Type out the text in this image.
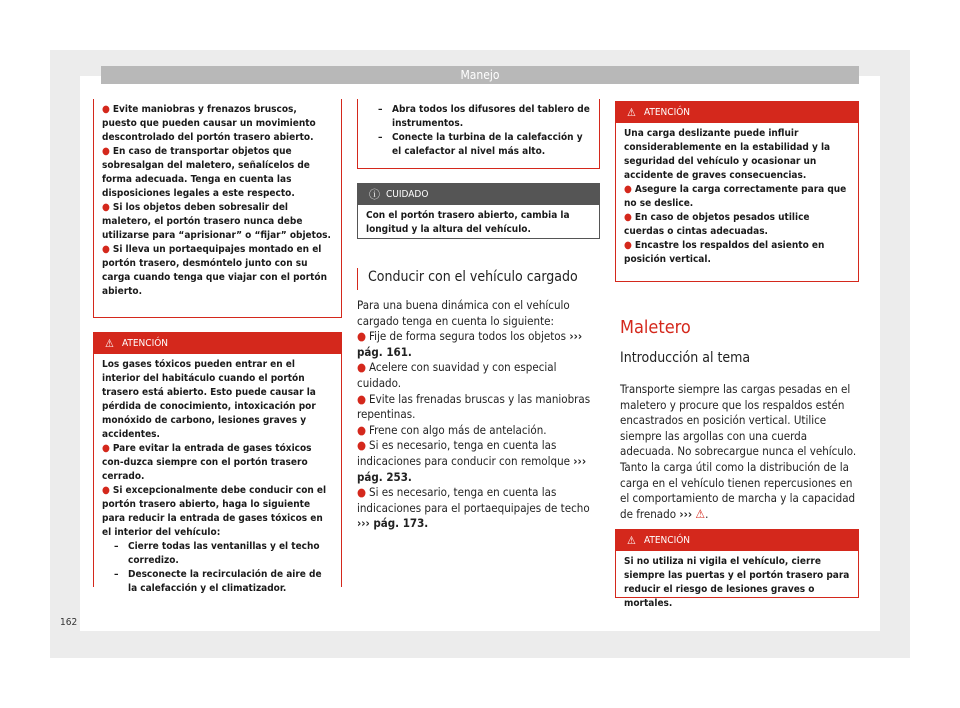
Manejo

● Evite maniobras y frenazos bruscos, puesto que pueden causar un movimiento descontrolado del portón trasero abierto.

● En caso de transportar objetos que sobresalgan del maletero, señalícelos de forma adecuada. Tenga en cuenta las disposiciones legales a este respecto.

● Si los objetos deben sobresalir del maletero, el portón trasero nunca debe utilizarse para “aprisionar” o “fijar” objetos.

● Si lleva un portaequipajes montado en el portón trasero, desmóntelo junto con su carga cuando tenga que viajar con el portón abierto.

⚠ ATENCIÓN

Los gases tóxicos pueden entrar en el interior del habitáculo cuando el portón trasero está abierto. Esto puede causar la pérdida de conocimiento, intoxicación por monóxido de carbono, lesiones graves y accidentes.

● Pare evitar la entrada de gases tóxicos con-duzca siempre con el portón trasero cerrado.

● Si excepcionalmente debe conducir con el portón trasero abierto, haga lo siguiente para reducir la entrada de gases tóxicos en el interior del vehículo:

– Cierre todas las ventanillas y el techo corredizo.
– Desconecte la recirculación de aire de la calefacción y el climatizador.
– Abra todos los difusores del tablero de instrumentos.
– Conecte la turbina de la calefacción y el calefactor al nivel más alto.
ⓘ CUIDADO

Con el portón trasero abierto, cambia la longitud y la altura del vehículo.

Conducir con el vehículo cargado

Para una buena dinámica con el vehículo cargado tenga en cuenta lo siguiente:

● Fije de forma segura todos los objetos ››› pág. 161.

● Acelere con suavidad y con especial cuidado.

● Evite las frenadas bruscas y las maniobras repentinas.

● Frene con algo más de antelación.

● Si es necesario, tenga en cuenta las indicaciones para conducir con remolque ››› pág. 253.

● Si es necesario, tenga en cuenta las indicaciones para el portaequipajes de techo ››› pág. 173.

⚠ ATENCIÓN

Una carga deslizante puede influir considerablemente en la estabilidad y la seguridad del vehículo y ocasionar un accidente de graves consecuencias.

● Asegure la carga correctamente para que no se deslice.

● En caso de objetos pesados utilice cuerdas o cintas adecuadas.

● Encastre los respaldos del asiento en posición vertical.

Maletero
Introducción al tema

Transporte siempre las cargas pesadas en el maletero y procure que los respaldos estén encastrados en posición vertical. Utilice siempre las argollas con una cuerda adecuada. No sobrecargue nunca el vehículo. Tanto la carga útil como la distribución de la carga en el vehículo tienen repercusiones en el comportamiento de marcha y la capacidad de frenado ››› ⚠.

⚠ ATENCIÓN

Si no utiliza ni vigila el vehículo, cierre siempre las puertas y el portón trasero para reducir el riesgo de lesiones graves o mortales.

162
